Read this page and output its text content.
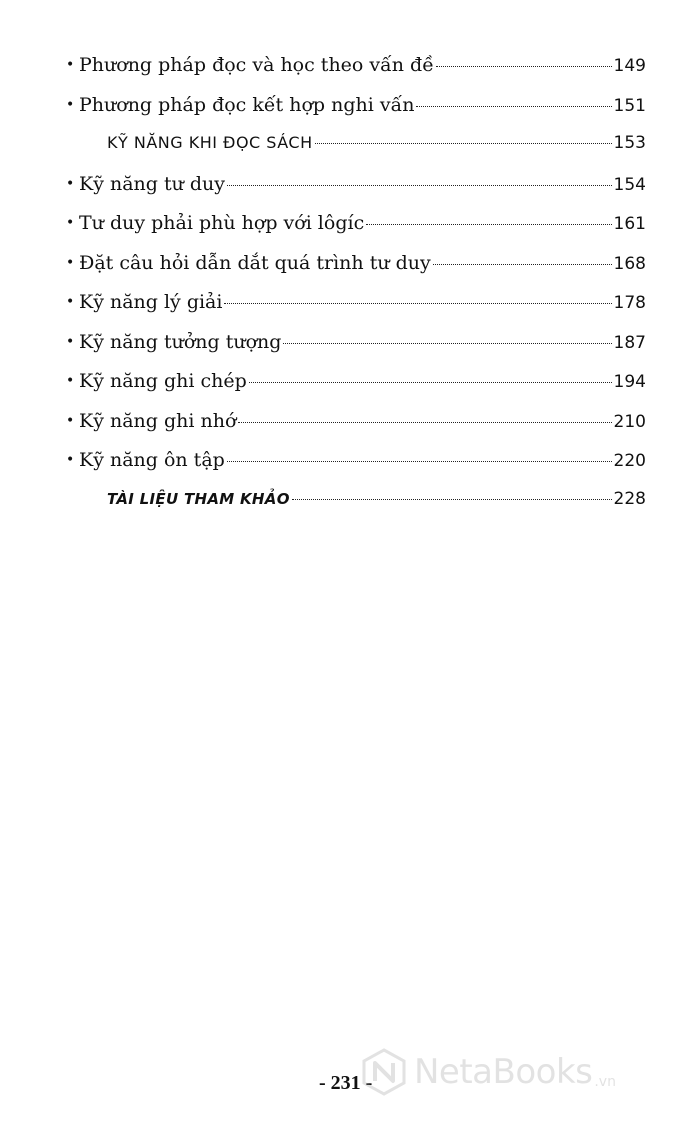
• Phương pháp đọc và học theo vấn đề	149
• Phương pháp đọc kết hợp nghi vấn	151
KỸ NĂNG KHI ĐỌC SÁCH	153
• Kỹ năng tư duy	154
• Tư duy phải phù hợp với lôgíc	161
• Đặt câu hỏi dẫn dắt quá trình tư duy	168
• Kỹ năng lý giải	178
• Kỹ năng tưởng tượng	187
• Kỹ năng ghi chép	194
• Kỹ năng ghi nhớ	210
• Kỹ năng ôn tập	220
TÀI LIỆU THAM KHẢO	228
- 231 - NetaBooks .vn
